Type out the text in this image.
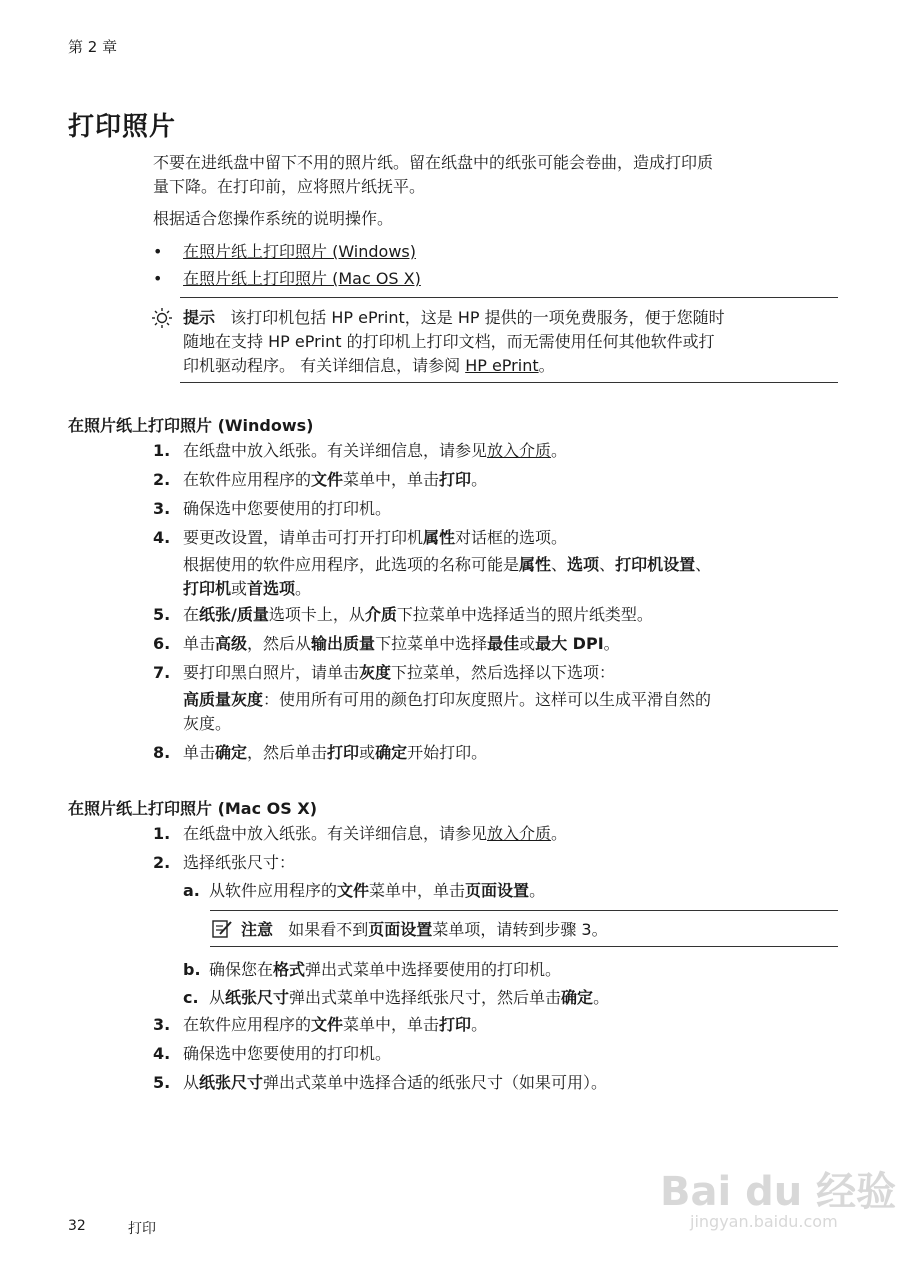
第 2 章
打印照片
不要在进纸盘中留下不用的照片纸。留在纸盘中的纸张可能会卷曲，造成打印质
量下降。在打印前，应将照片纸抚平。
根据适合您操作系统的说明操作。
• 在照片纸上打印照片 (Windows)
• 在照片纸上打印照片 (Mac OS X)
提示 该打印机包括 HP ePrint，这是 HP 提供的一项免费服务，便于您随时
随地在支持 HP ePrint 的打印机上打印文档，而无需使用任何其他软件或打
印机驱动程序。 有关详细信息，请参阅 HP ePrint。
在照片纸上打印照片 (Windows)
1. 在纸盘中放入纸张。有关详细信息，请参见放入介质。
2. 在软件应用程序的文件菜单中，单击打印。
3. 确保选中您要使用的打印机。
4. 要更改设置，请单击可打开打印机属性对话框的选项。
根据使用的软件应用程序，此选项的名称可能是属性、选项、打印机设置、
打印机或首选项。
5. 在纸张/质量选项卡上，从介质下拉菜单中选择适当的照片纸类型。
6. 单击高级，然后从输出质量下拉菜单中选择最佳或最大 DPI。
7. 要打印黑白照片，请单击灰度下拉菜单，然后选择以下选项：
高质量灰度：使用所有可用的颜色打印灰度照片。这样可以生成平滑自然的
灰度。
8. 单击确定，然后单击打印或确定开始打印。
在照片纸上打印照片 (Mac OS X)
1. 在纸盘中放入纸张。有关详细信息，请参见放入介质。
2. 选择纸张尺寸：
a. 从软件应用程序的文件菜单中，单击页面设置。
注意 如果看不到页面设置菜单项，请转到步骤 3。
b. 确保您在格式弹出式菜单中选择要使用的打印机。
c. 从纸张尺寸弹出式菜单中选择纸张尺寸，然后单击确定。
3. 在软件应用程序的文件菜单中，单击打印。
4. 确保选中您要使用的打印机。
5. 从纸张尺寸弹出式菜单中选择合适的纸张尺寸（如果可用）。
Bai du 经验
jingyan.baidu.com
32	打印
